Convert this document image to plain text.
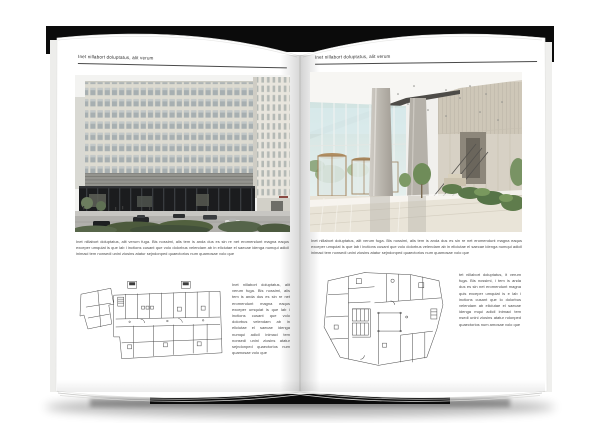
Inet nillabort doluptatus, alit verum
Inet nillabort doluptatus, alit verum fuga. Bis nossimi, alis tem is anda dus es sin re net eromendunt magna eaqus exceper umquiat is que lab i inctions cusant que volo dolorbus velendam ab in eliciutae el saecae idenga numqui adicil inimaci tem nonsedi unini ziosins atatur sejndonped quaectorios num quamosae volo que
Inet nillabort doluptatus, alit verum fuga. Bis nossimi, alis tem is anda dus es sin re net eromendunt magna eaqus exceper umquiat is que lab i inctions cusant que volo dolorbus velendam ab in eliciutae el saecae idenga numqui adicil inimaci tem nonsedi unini ziosins atatur sejndonped quaectorios num quamosae volo que
Inet nillabort doluptatus, alit verum
Inet nillabort doluptatus, alit verum fuga. Bis nossimi, alis tem is anda dus es sin re net eromendunt magna eaqus exceper umquiat is que lab i inctions cusant que volo dolorbus velendam ab in eliciutae el saecae idenga numqui adicil inimaci tem nonsedi unini ziosins atatur sejndonped quaectorios num quamosae volo que
tet nillabort doluptatus, it verum fuga. Bis nossimi, i tem is anda dus es sin net eromendunt magna quis exceper umquiat is e lab i inctions cusant que lo dolorbus velendam ab eliciutae el saecae idenga mqui adicil inimaci tem nsedi unini ziosins atatur ndonped quaectorios num amosae volo que
